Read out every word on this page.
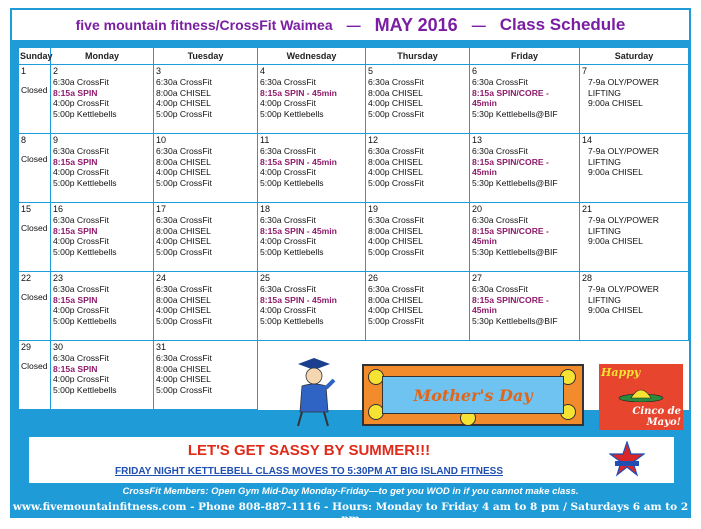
five mountain fitness/CrossFit Waimea — MAY 2016 — Class Schedule
Sunday	Monday	Tuesday	Wednesday	Thursday	Friday	Saturday

1
Closed	2
6:30a CrossFit
8:15a SPIN
4:00p CrossFit
5:00p Kettlebells	3
6:30a CrossFit
8:00a CHISEL
4:00p CHISEL
5:00p CrossFit	4
6:30a CrossFit
8:15a SPIN - 45min
4:00p CrossFit
5:00p Kettlebells	5
6:30a CrossFit
8:00a CHISEL
4:00p CHISEL
5:00p CrossFit	6
6:30a CrossFit
8:15a SPIN/CORE -
45min
5:30p Kettlebells@BIF	7
7-9a OLY/POWER
LIFTING
9:00a CHISEL

8
Closed	9
6:30a CrossFit
8:15a SPIN
4:00p CrossFit
5:00p Kettlebells	10
6:30a CrossFit
8:00a CHISEL
4:00p CHISEL
5:00p CrossFit	11
6:30a CrossFit
8:15a SPIN - 45min
4:00p CrossFit
5:00p Kettlebells	12
6:30a CrossFit
8:00a CHISEL
4:00p CHISEL
5:00p CrossFit	13
6:30a CrossFit
8:15a SPIN/CORE -
45min
5:30p Kettlebells@BIF	14
7-9a OLY/POWER
LIFTING
9:00a CHISEL

15
Closed	16
6:30a CrossFit
8:15a SPIN
4:00p CrossFit
5:00p Kettlebells	17
6:30a CrossFit
8:00a CHISEL
4:00p CHISEL
5:00p CrossFit	18
6:30a CrossFit
8:15a SPIN - 45min
4:00p CrossFit
5:00p Kettlebells	19
6:30a CrossFit
8:00a CHISEL
4:00p CHISEL
5:00p CrossFit	20
6:30a CrossFit
8:15a SPIN/CORE -
45min
5:30p Kettlebells@BIF	21
7-9a OLY/POWER
LIFTING
9:00a CHISEL

22
Closed	23
6:30a CrossFit
8:15a SPIN
4:00p CrossFit
5:00p Kettlebells	24
6:30a CrossFit
8:00a CHISEL
4:00p CHISEL
5:00p CrossFit	25
6:30a CrossFit
8:15a SPIN - 45min
4:00p CrossFit
5:00p Kettlebells	26
6:30a CrossFit
8:00a CHISEL
4:00p CHISEL
5:00p CrossFit	27
6:30a CrossFit
8:15a SPIN/CORE -
45min
5:30p Kettlebells@BIF	28
7-9a OLY/POWER
LIFTING
9:00a CHISEL

29
Closed	30
6:30a CrossFit
8:15a SPIN
4:00p CrossFit
5:00p Kettlebells	31
6:30a CrossFit
8:00a CHISEL
4:00p CHISEL
5:00p CrossFit				
					Mother's Day
Happy
Cinco de Mayo!
LET'S GET SASSY BY SUMMER!!!
FRIDAY NIGHT KETTLEBELL CLASS MOVES TO 5:30PM AT BIG ISLAND FITNESS
CrossFit Members: Open Gym Mid-Day Monday-Friday—to get you WOD in if you cannot make class.
www.fivemountainfitness.com - Phone 808-887-1116 - Hours: Monday to Friday 4 am to 8 pm / Saturdays 6 am to 2 pm
